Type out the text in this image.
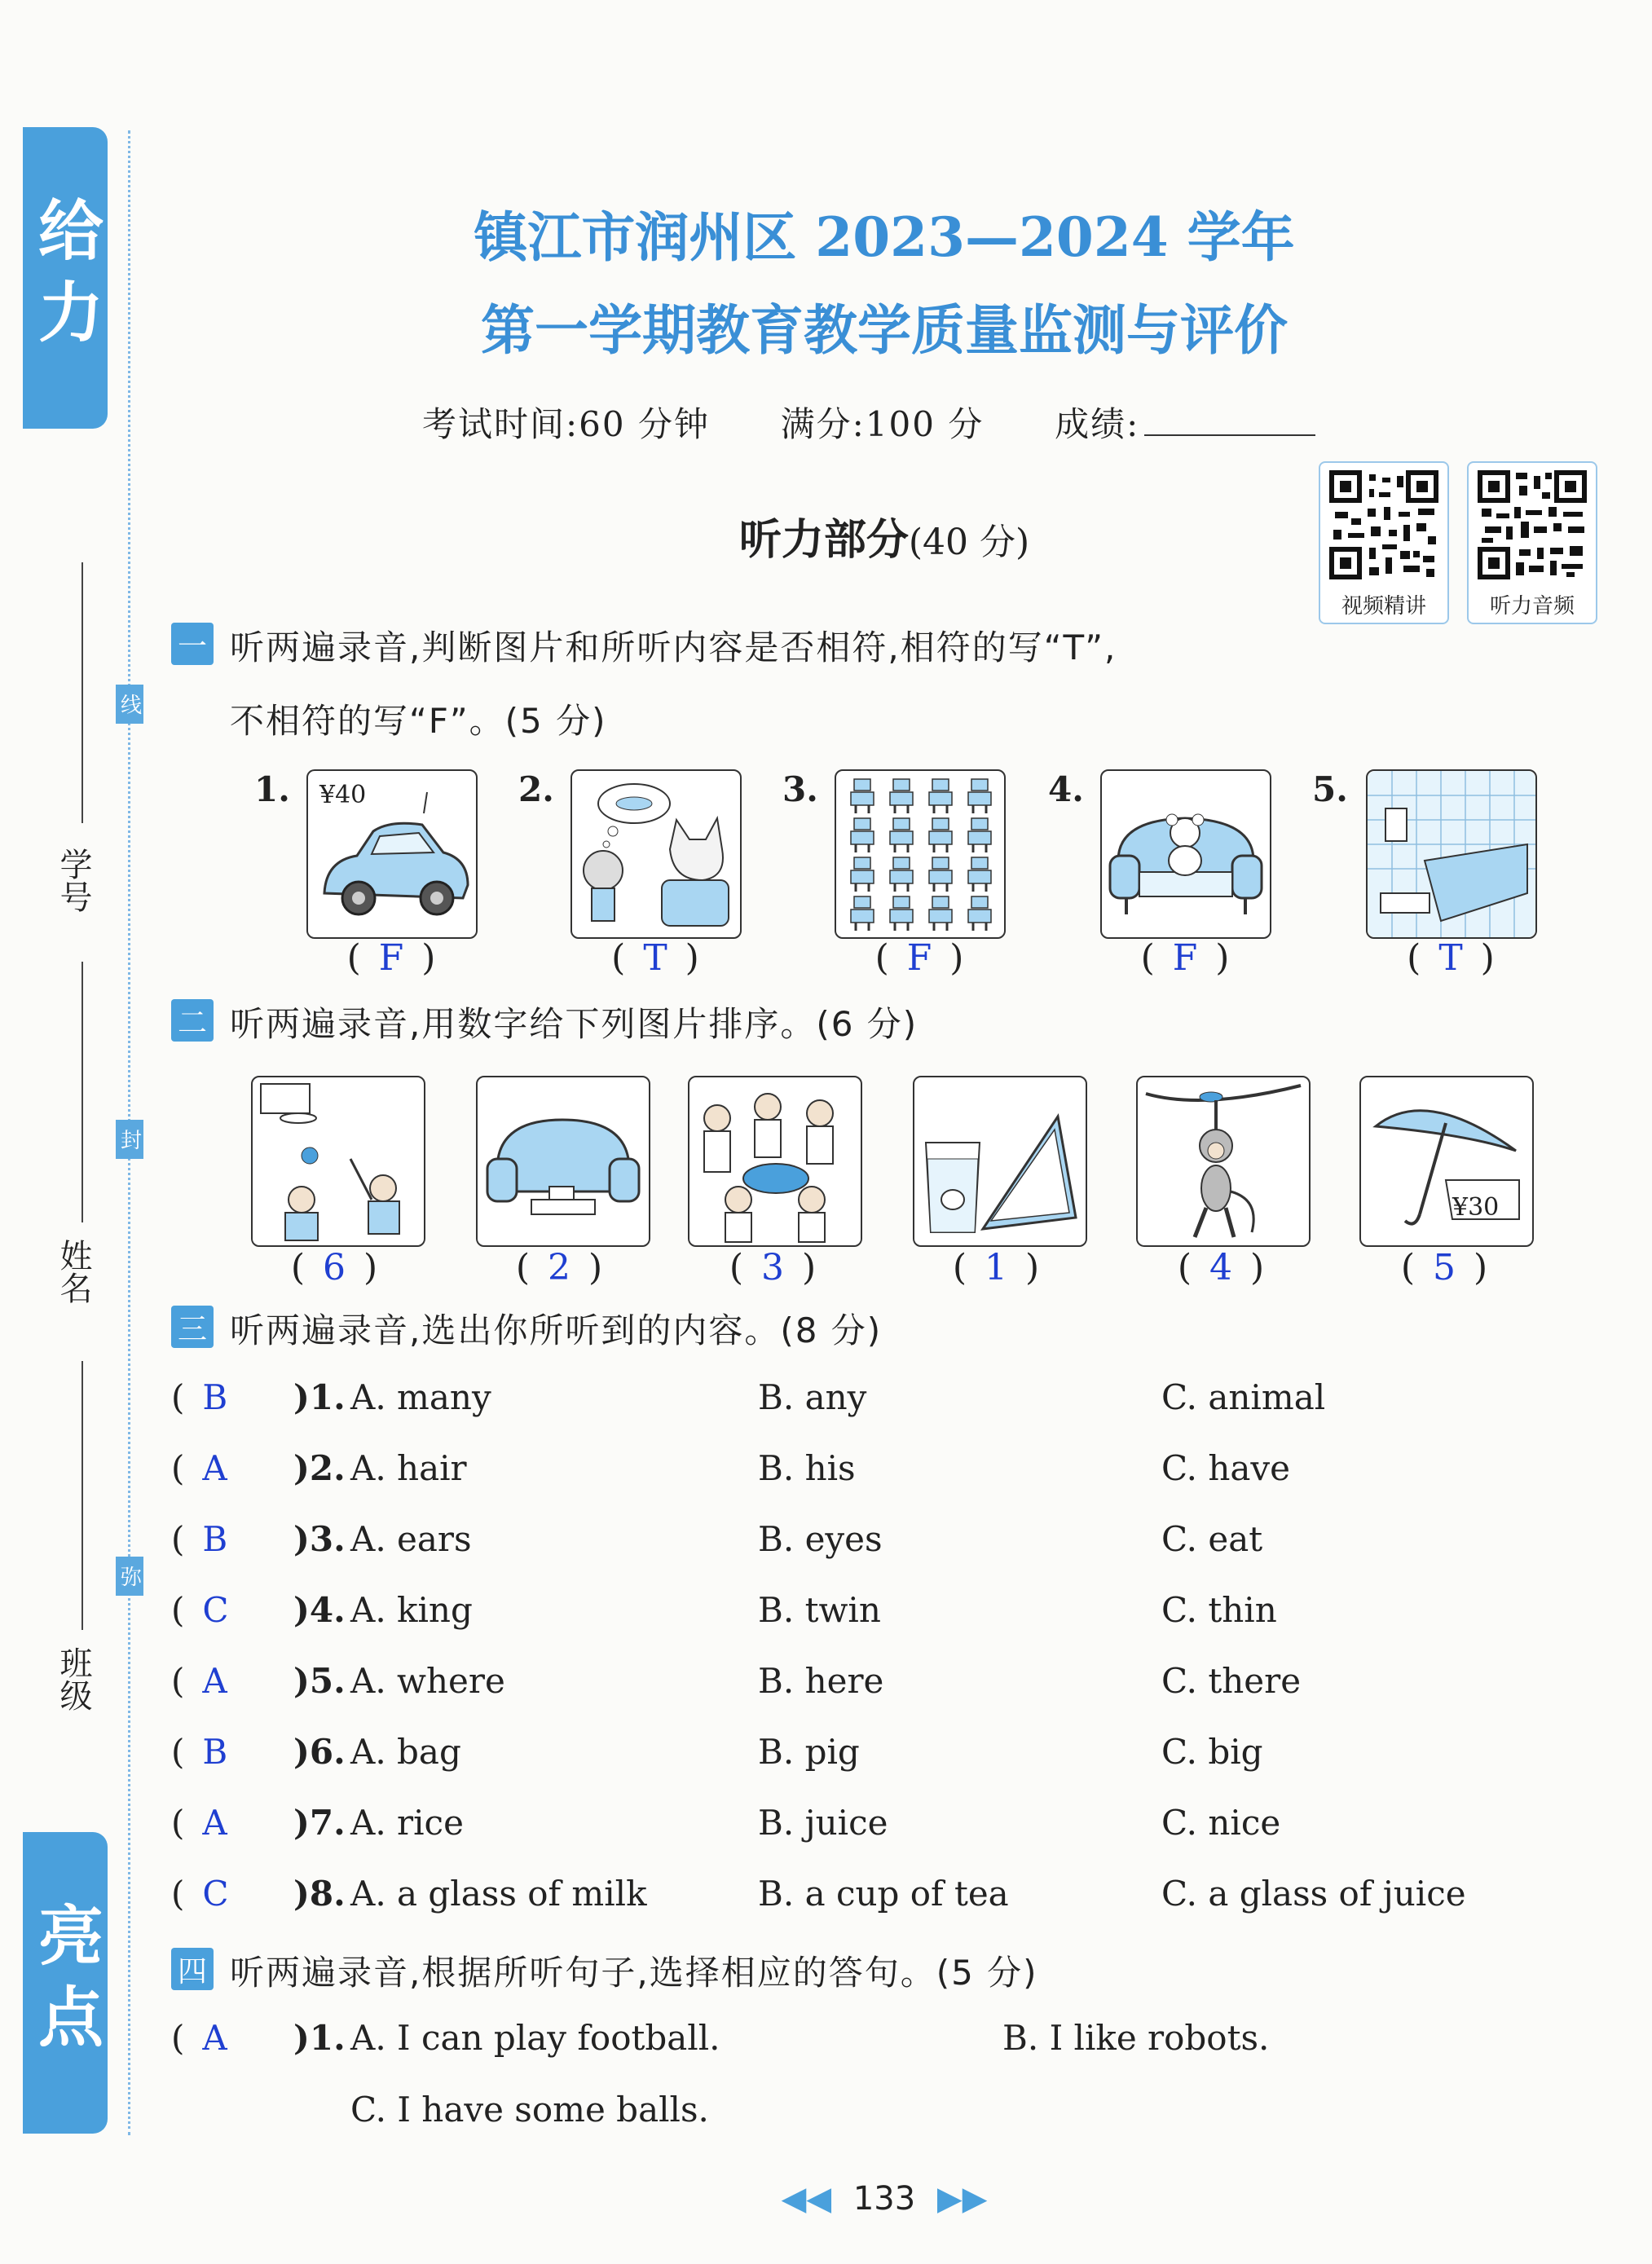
给力
亮点
线
封
弥
学号
姓名
班级
镇江市润州区 2023—2024 学年
第一学期教育教学质量监测与评价
考试时间:60 分钟 满分:100 分 成绩:
视频精讲	听力音频
听力部分(40 分)
一 听两遍录音,判断图片和所听内容是否相符,相符的写“T”,
不相符的写“F”。(5 分)
1. ¥40
( F )
2.
( T )
3.
( F )
4.
( F )
5.
( T )
二 听两遍录音,用数字给下列图片排序。(6 分)
( 6 )	( 2 )	( 3 )	( 1 )	( 4 )
¥30
( 5 )
三 听两遍录音,选出你所听到的内容。(8 分)
( B	)1. A. many	B. any	C. animal
( A	)2. A. hair	B. his	C. have
( B	)3. A. ears	B. eyes	C. eat
( C	)4. A. king	B. twin	C. thin
( A	)5. A. where	B. here	C. there
( B	)6. A. bag	B. pig	C. big
( A	)7. A. rice	B. juice	C. nice
( C	)8. A. a glass of milk	B. a cup of tea	C. a glass of juice
四 听两遍录音,根据所听句子,选择相应的答句。(5 分)
( A	)1. A. I can play football.	B. I like robots.
C. I have some balls.
◀◀ 133 ▶▶
